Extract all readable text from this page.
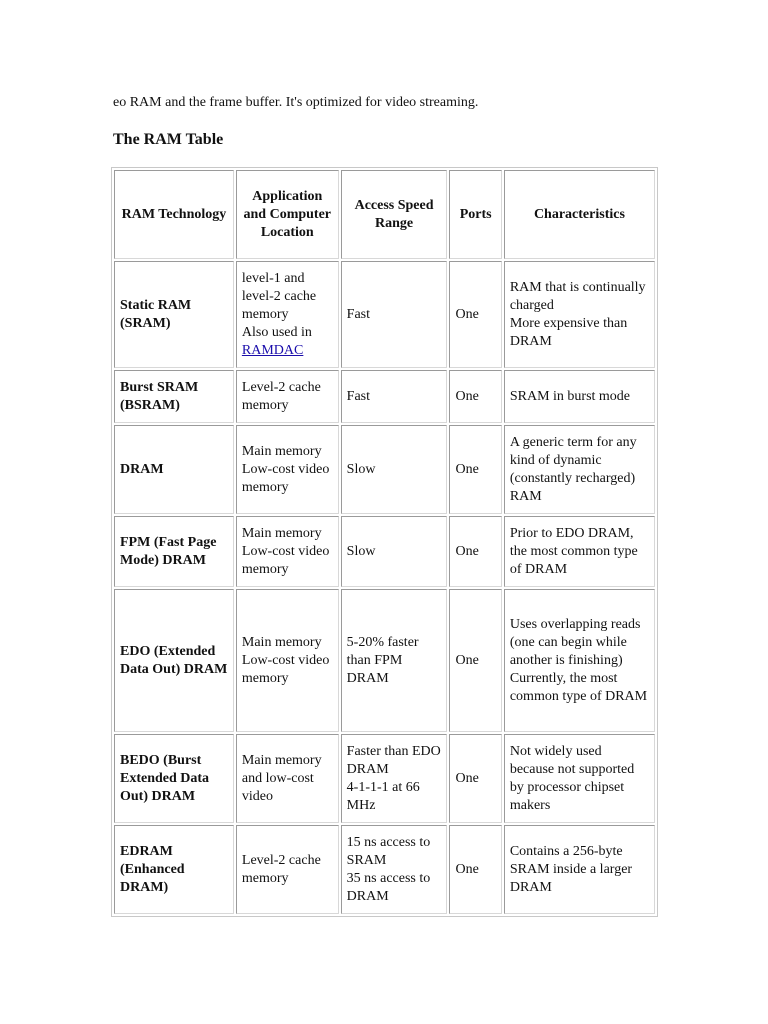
eo RAM and the frame buffer. It's optimized for video streaming.
The RAM Table
RAM Technology	Application and Computer Location	Access Speed Range	Ports	Characteristics
Static RAM (SRAM)	level-1 and level-2 cache memory
Also used in
RAMDAC	Fast	One	RAM that is continually charged
More expensive than DRAM

Burst SRAM (BSRAM)	Level-2 cache memory	Fast	One	SRAM in burst mode

DRAM	Main memory
Low-cost video memory	Slow	One	A generic term for any kind of dynamic (constantly recharged) RAM

FPM (Fast Page Mode) DRAM	Main memory
Low-cost video memory	Slow	One	Prior to EDO DRAM, the most common type of DRAM

EDO (Extended Data Out) DRAM	Main memory
Low-cost video memory	5-20% faster than FPM DRAM	One	Uses overlapping reads (one can begin while another is finishing)
Currently, the most common type of DRAM

BEDO (Burst Extended Data Out) DRAM	Main memory and low-cost video	Faster than EDO DRAM
4-1-1-1 at 66 MHz	One	Not widely used because not supported by processor chipset makers

EDRAM (Enhanced DRAM)	Level-2 cache memory	15 ns access to SRAM
35 ns access to DRAM	One	Contains a 256-byte SRAM inside a larger DRAM
